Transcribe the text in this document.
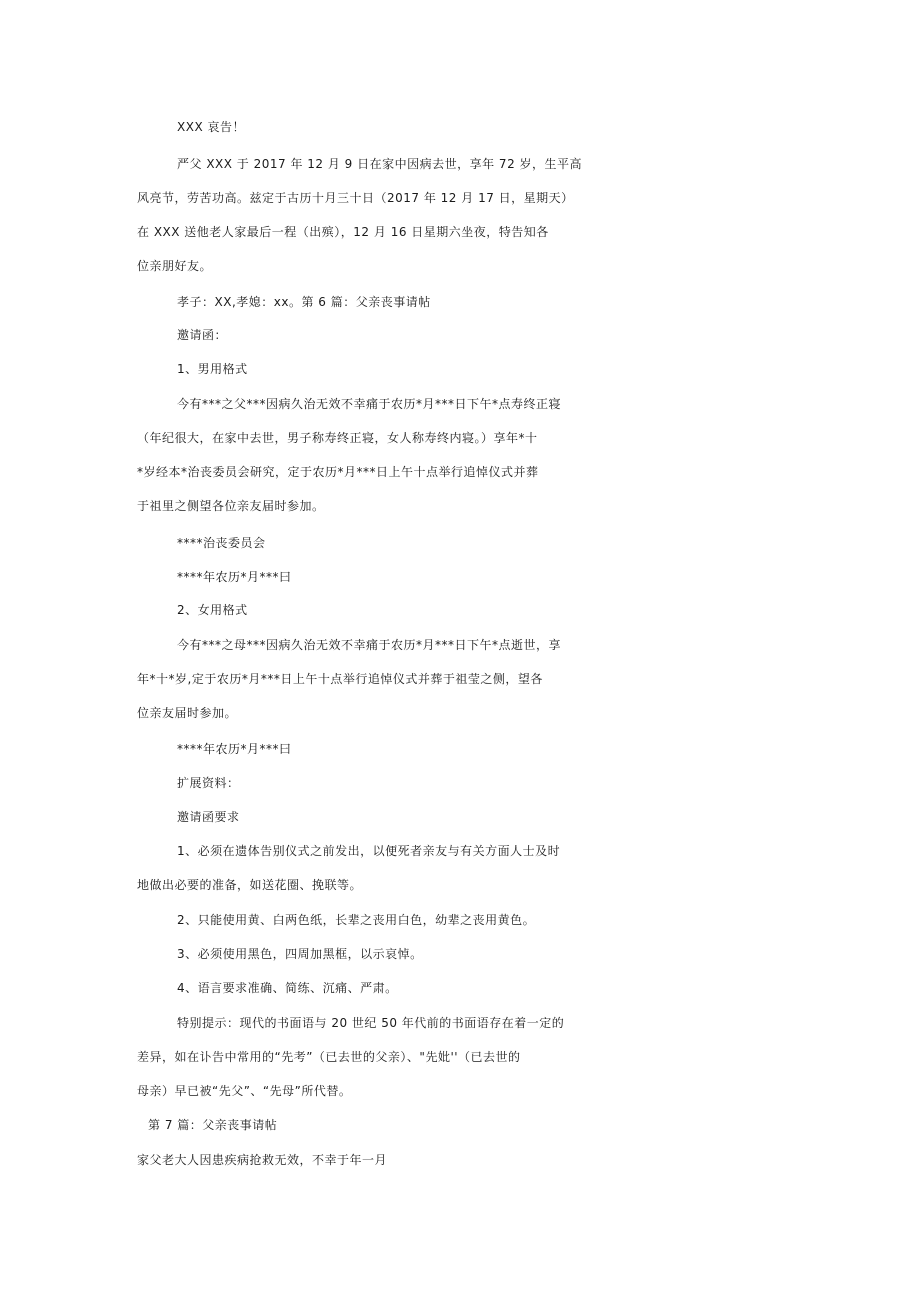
XXX 哀告！
严父 XXX 于 2017 年 12 月 9 日在家中因病去世，享年 72 岁，生平高
风亮节，劳苦功高。兹定于古历十月三十日（2017 年 12 月 17 日，星期天）
在 XXX 送他老人家最后一程（出殡），12 月 16 日星期六坐夜，特告知各
位亲朋好友。
孝子：XX,孝媳：xx。第 6 篇：父亲丧事请帖
邀请函：
1、男用格式
今有***之父***因病久治无效不幸痛于农历*月***日下午*点寿终正寝
（年纪很大，在家中去世，男子称寿终正寝，女人称寿终内寝。）享年*十
*岁经本*治丧委员会研究，定于农历*月***日上午十点举行追悼仪式并葬
于祖里之侧望各位亲友届时参加。
****治丧委员会
****年农历*月***曰
2、女用格式
今有***之母***因病久治无效不幸痛于农历*月***日下午*点逝世，享
年*十*岁,定于农历*月***日上午十点举行追悼仪式并葬于祖莹之侧，望各
位亲友届时参加。
****年农历*月***曰
扩展资料：
邀请函要求
1、必须在遗体告别仪式之前发出，以便死者亲友与有关方面人士及时
地做出必要的准备，如送花圈、挽联等。
2、只能使用黄、白两色纸，长辈之丧用白色，幼辈之丧用黄色。
3、必须使用黑色，四周加黑框，以示哀悼。
4、语言要求准确、简练、沉痛、严肃。
特别提示：现代的书面语与 20 世纪 50 年代前的书面语存在着一定的
差异，如在讣告中常用的“先考”（已去世的父亲）、"先妣''（已去世的
母亲）早已被“先父”、“先母”所代替。
第 7 篇：父亲丧事请帖
家父老大人因患疾病抢救无效，不幸于年一月
